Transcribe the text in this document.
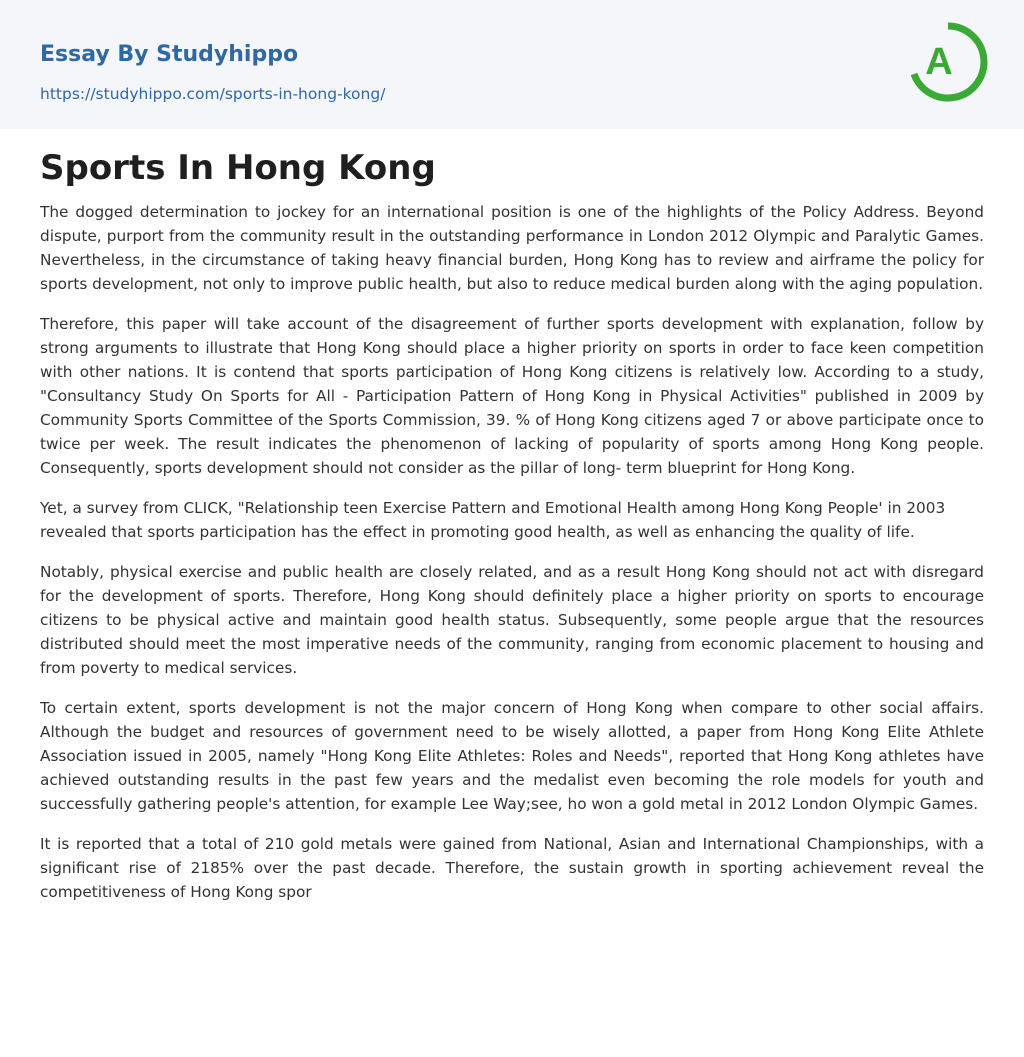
Essay By Studyhippo
https://studyhippo.com/sports-in-hong-kong/
A
Sports In Hong Kong

The dogged determination to jockey for an international position is one of the highlights of the Policy Address. Beyond dispute, purport from the community result in the outstanding performance in London 2012 Olympic and Paralytic Games. Nevertheless, in the circumstance of taking heavy financial burden, Hong Kong has to review and airframe the policy for sports development, not only to improve public health, but also to reduce medical burden along with the aging population.

Therefore, this paper will take account of the disagreement of further sports development with explanation, follow by strong arguments to illustrate that Hong Kong should place a higher priority on sports in order to face keen competition with other nations. It is contend that sports participation of Hong Kong citizens is relatively low. According to a study, "Consultancy Study On Sports for All - Participation Pattern of Hong Kong in Physical Activities" published in 2009 by Community Sports Committee of the Sports Commission, 39. % of Hong Kong citizens aged 7 or above participate once to twice per week. The result indicates the phenomenon of lacking of popularity of sports among Hong Kong people. Consequently, sports development should not consider as the pillar of long- term blueprint for Hong Kong.

Yet, a survey from CLICK, "Relationship teen Exercise Pattern and Emotional Health among Hong Kong People' in 2003 revealed that sports participation has the effect in promoting good health, as well as enhancing the quality of life.

Notably, physical exercise and public health are closely related, and as a result Hong Kong should not act with disregard for the development of sports. Therefore, Hong Kong should definitely place a higher priority on sports to encourage citizens to be physical active and maintain good health status. Subsequently, some people argue that the resources distributed should meet the most imperative needs of the community, ranging from economic placement to housing and from poverty to medical services.

To certain extent, sports development is not the major concern of Hong Kong when compare to other social affairs. Although the budget and resources of government need to be wisely allotted, a paper from Hong Kong Elite Athlete Association issued in 2005, namely "Hong Kong Elite Athletes: Roles and Needs", reported that Hong Kong athletes have achieved outstanding results in the past few years and the medalist even becoming the role models for youth and successfully gathering people's attention, for example Lee Way;see, ho won a gold metal in 2012 London Olympic Games.

It is reported that a total of 210 gold metals were gained from National, Asian and International Championships, with a significant rise of 2185% over the past decade. Therefore, the sustain growth in sporting achievement reveal the competitiveness of Hong Kong spor
